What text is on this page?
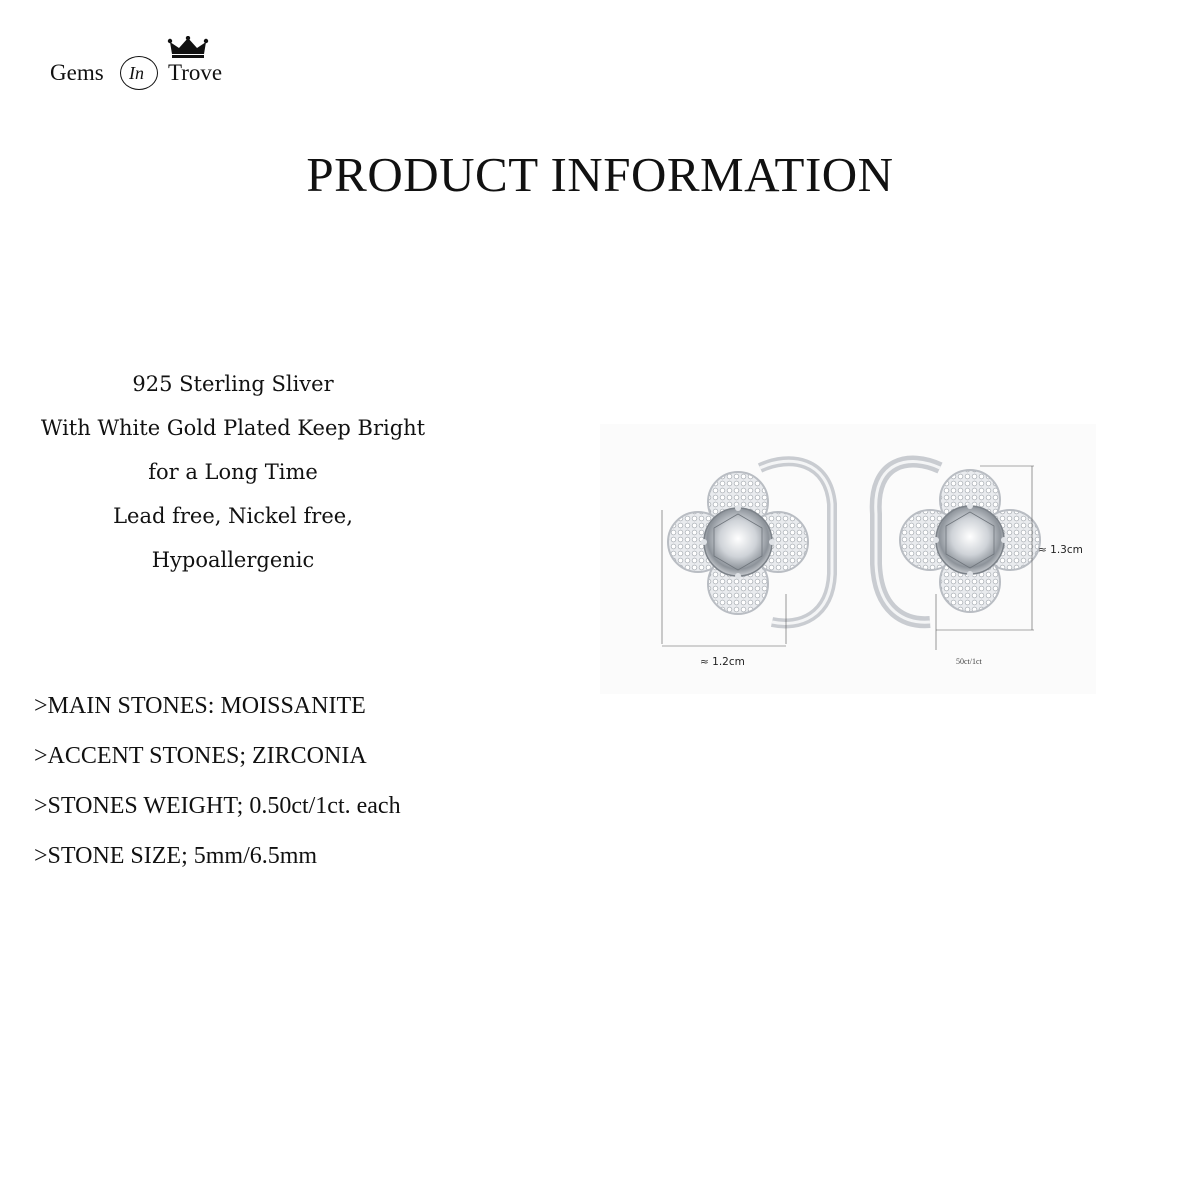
Gems In Trove
PRODUCT INFORMATION
925 Sterling Sliver
With White Gold Plated Keep Bright
for a Long Time
Lead free, Nickel free,
Hypoallergenic
>MAIN STONES: MOISSANITE
>ACCENT STONES; ZIRCONIA
>STONES WEIGHT; 0.50ct/1ct. each
>STONE SIZE; 5mm/6.5mm
≈ 1.2cm
≈ 1.3cm
50ct/1ct
